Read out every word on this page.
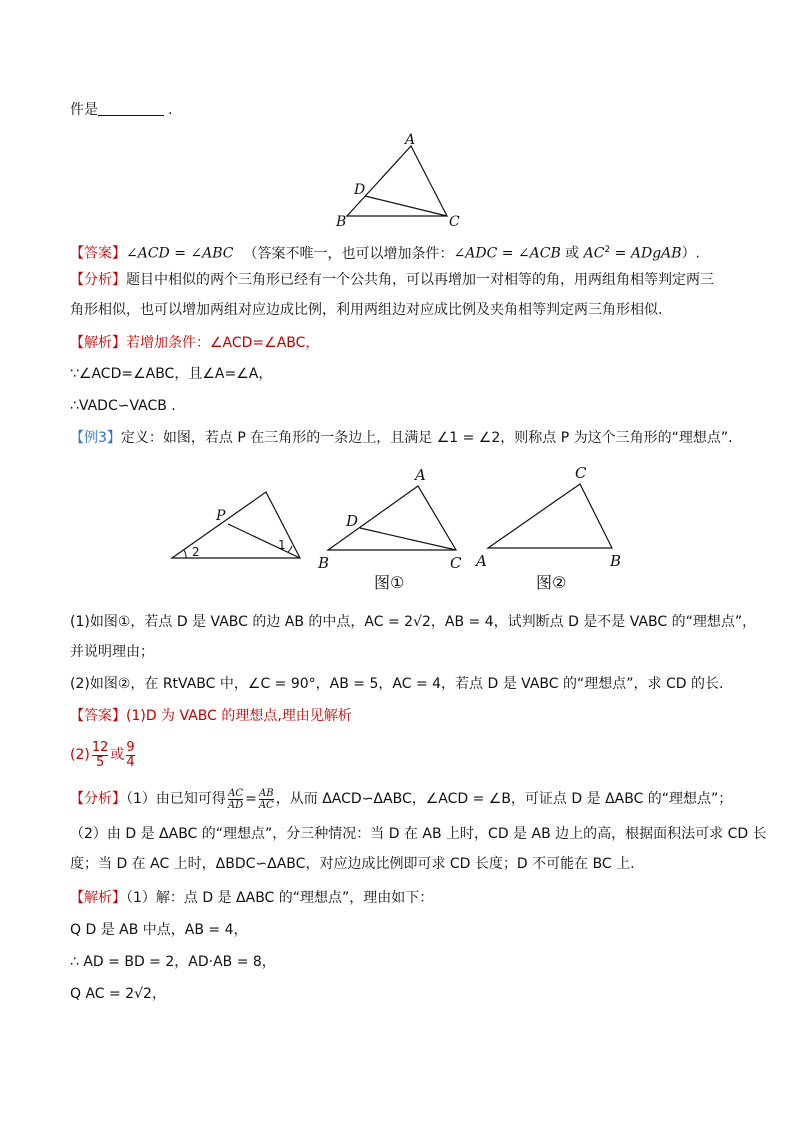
件是	.
A
B	C
D
【答案】∠ACD = ∠ABC （答案不唯一，也可以增加条件：∠ADC = ∠ACB 或 $AC^2$ = ADgAB）.
【分析】题目中相似的两个三角形已经有一个公共角，可以再增加一对相等的角，用两组角相等判定两三
角形相似，也可以增加两组对应边成比例，利用两组边对应成比例及夹角相等判定两三角形相似.
【解析】若增加条件：∠ACD=∠ABC，
∵∠ACD=∠ABC，且∠A=∠A，
∴VADC∽VACB .
【例3】定义：如图，若点 P 在三角形的一条边上，且满足 ∠1 = ∠2，则称点 P 为这个三角形的“理想点”.
P
1
2
A
B	C
D
图①
C
A	B
图②
(1)如图①，若点 D 是 VABC 的边 AB 的中点，AC = 2√2，AB = 4，试判断点 D 是不是 VABC 的“理想点”，
并说明理由；
(2)如图②，在 RtVABC 中，∠C = 90°，AB = 5，AC = 4，若点 D 是 VABC 的“理想点”，求 CD 的长.
【答案】(1)D 为 VABC 的理想点,理由见解析
$(2) \frac{12}{5}$ 或 $\frac{9}{4}$
【分析】（1）由已知可得 $\frac{AC}{AD} = \frac{AB}{AC}$ ，从而 ΔACD∽ΔABC，∠ACD = ∠B，可证点 D 是 ΔABC 的“理想点”；
（2）由 D 是 ΔABC 的“理想点”，分三种情况：当 D 在 AB 上时，CD 是 AB 边上的高，根据面积法可求 CD 长
度；当 D 在 AC 上时，ΔBDC∽ΔABC，对应边成比例即可求 CD 长度；D 不可能在 BC 上.
【解析】（1）解：点 D 是 ΔABC 的“理想点”，理由如下：
Q D 是 AB 中点，AB = 4，
∴ AD = BD = 2，AD·AB = 8，
Q AC = 2√2，
